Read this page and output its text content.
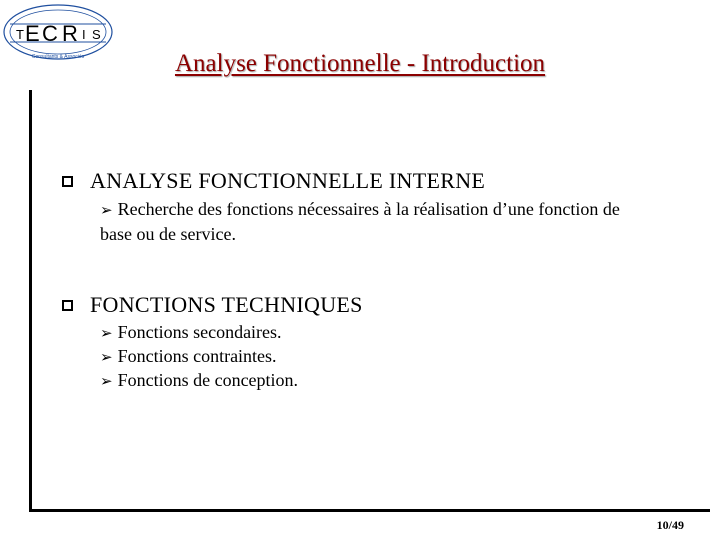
T E C R I S
Consultants & Associés	Analyse Fonctionnelle - Introduction
ANALYSE FONCTIONNELLE INTERNE
➢ Recherche des fonctions nécessaires à la réalisation d’une fonction de
base ou de service.
FONCTIONS TECHNIQUES
➢ Fonctions secondaires.
➢ Fonctions contraintes.
➢ Fonctions de conception.
10/49
